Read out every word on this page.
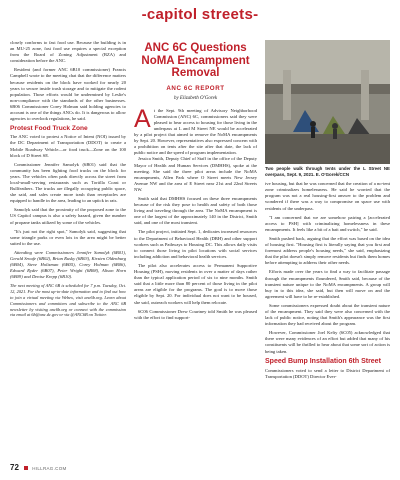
-capitol streets-

closely conforms to fast food use. Because the building is in an MU-25 zone, fast food use requires a special exception from the Board of Zoning Adjustment (BZA) and consideration before the ANC.

Resident (and former ANC 6B10 commissioner) Francis Campbell wrote to the meeting chat that the difference matters because residents on the block have worked for nearly 20 years to secure inside trash storage and to mitigate the rodent population. Those efforts would be undermined by Leslie's non-compliance with the standards of the other businesses. 6B06 Commissioner Corey Holman said holding agencies to account is one of the things ANCs do. It is dangerous to allow agencies to overlook regulations, he said.

Protest Food Truck Zone

The ANC voted to protest a Notice of Intent (NOI) issued by the DC Department of Transportation (DDOT) to create a Mobile Roadway Vehicle—or food truck—Zone on the 100 block of D Street SE.

Commissioner Jennifer Samolyk (6B01) said that the community has been fighting food trucks on the block for years. The vehicles often park directly across the street from local-small-serving restaurants such as Tortilla Coast or Bullfeathers. The trucks are illegally occupying public space, she said, and sales create more trash than receptacles are equipped to handle in the area, leading to an uptick in rats.

Samolyk said that the proximity of the proposed zone to the US Capitol campus is also a safety hazard, given the number of propane tanks utilized by some of the vehicles.

"It's just not the right spot," Samolyk said, suggesting that some triangle parks or even lots in the area might be better suited to the use.

Attending were Commissioners Jennifer Samolyk (6B01), Gerald Sroufe (6B02), Brian Rusky (6B03), Kirsten Oldenburg (6B04), Steve Holtzman (6B05), Corey Holman (6B06), Edward Ryder (6B07), Peter Wright (6B08), Alison Horn (6B09) and Denise Krepp (6B10).

The next meeting of ANC 6B is scheduled for 7 p.m. Tuesday, Oct. 12, 2021. For the most up-to-date information and to find out how to join a virtual meeting via Webex, visit anc6b.org. Learn about Commissioners and committees and subscribe to the ANC 6B newsletter by visiting anc6b.org or connect with the commission via email at 6b@anc.dc.gov or via @ANC6B on Twitter.

ANC 6C Questions NoMA Encampment Removal
ANC 6C REPORT
by Elizabeth O'Gorek
A t the Sept. 9th meeting of Advisory Neighborhood Commission (ANC) 6C, commissioners said they were pleased to hear access to housing for those living in the underpass at L and M Street NE would be accelerated by a pilot project that aimed to remove the NoMA encampments by Sept. 20. However, representatives also expressed concern with a prohibition on tents after the site after that date, the lack of public notice and the speed of program implementation.

Jessica Smith, Deputy Chief of Staff in the office of the Deputy Mayor of Health and Human Services (DMHHS), spoke at the meeting. She said the three pilot areas include the NoMA encampments, Allen Park where O Street meets New Jersey Avenue NW and the area of E Street near 21st and 22nd Streets NW.

Smith said that DMHHS focused on these three encampments because of the risk they pose to health and safety of both those living and traveling through the area. The NoMA encampment is one of the largest of the approximately 140 in the District, Smith said, and one of the most transient.

The pilot project, initiated Sept. 1, dedicates increased resources to the Department of Behavioral Health (DBH) and other support workers such as Pathways to Housing DC. This allows daily visits to connect those living in pilot locations with social services including addiction and behavioral health services.

The pilot also accelerates access to Permanent Supportive Housing (PSH), moving residents in over a matter of days rather than the typical application period of six to nine months. Smith said that a little more than 80 percent of those living in the pilot areas are eligible for the programs. The goal is to move those eligible by Sept. 20. For individual does not want to be housed, she said, outreach workers will help them relocate.

6C06 Commissioner Drew Courtney told Smith he was pleased with the effort to find support-

Two people walk through tents under the L Street NE overpass, Sept. 9, 2021. E. O'Gorek/CCN

ive housing, but that he was concerned that the creation of a no-tent zone criminalizes homelessness. He said he worried that the program was not a real housing-first answer to the problem and wondered if there was a way to compromise on space use with residents of the underpass.

"I am concerned that we are somehow pairing a [accelerated access to PSH] with criminalizing homelessness in these encampments. It feels like a bit of a bait and switch," he said.

Smith pushed back, arguing that the effort was based on the idea of housing first. "Housing first is literally saying that you first and foremost address people's housing needs," she said, emphasizing that the pilot doesn't simply remove residents but finds them homes before attempting to address their other needs.

Efforts made over the years to find a way to facilitate passage through the encampments floundered, Smith said, because of the transient nature unique to the NoMA encampments. A group will buy in to this idea, she said, but then will move on and the agreement will have to be re-established.

Some commissioners expressed doubt about the transient nature of the encampment. They said they were also concerned with the lack of public notice, noting that Smith's appearance was the first information they had received about the program.

However, Commissioner Joel Kelty (6C05) acknowledged that there were many evidences of an effort but added that many of his constituents will be thrilled to hear about that some sort of action is being taken.

Speed Bump Installation 6th Street

Commissioners voted to send a letter to District Department of Transportation (DDOT) Director Ever-

72	HILLRAG.COM
